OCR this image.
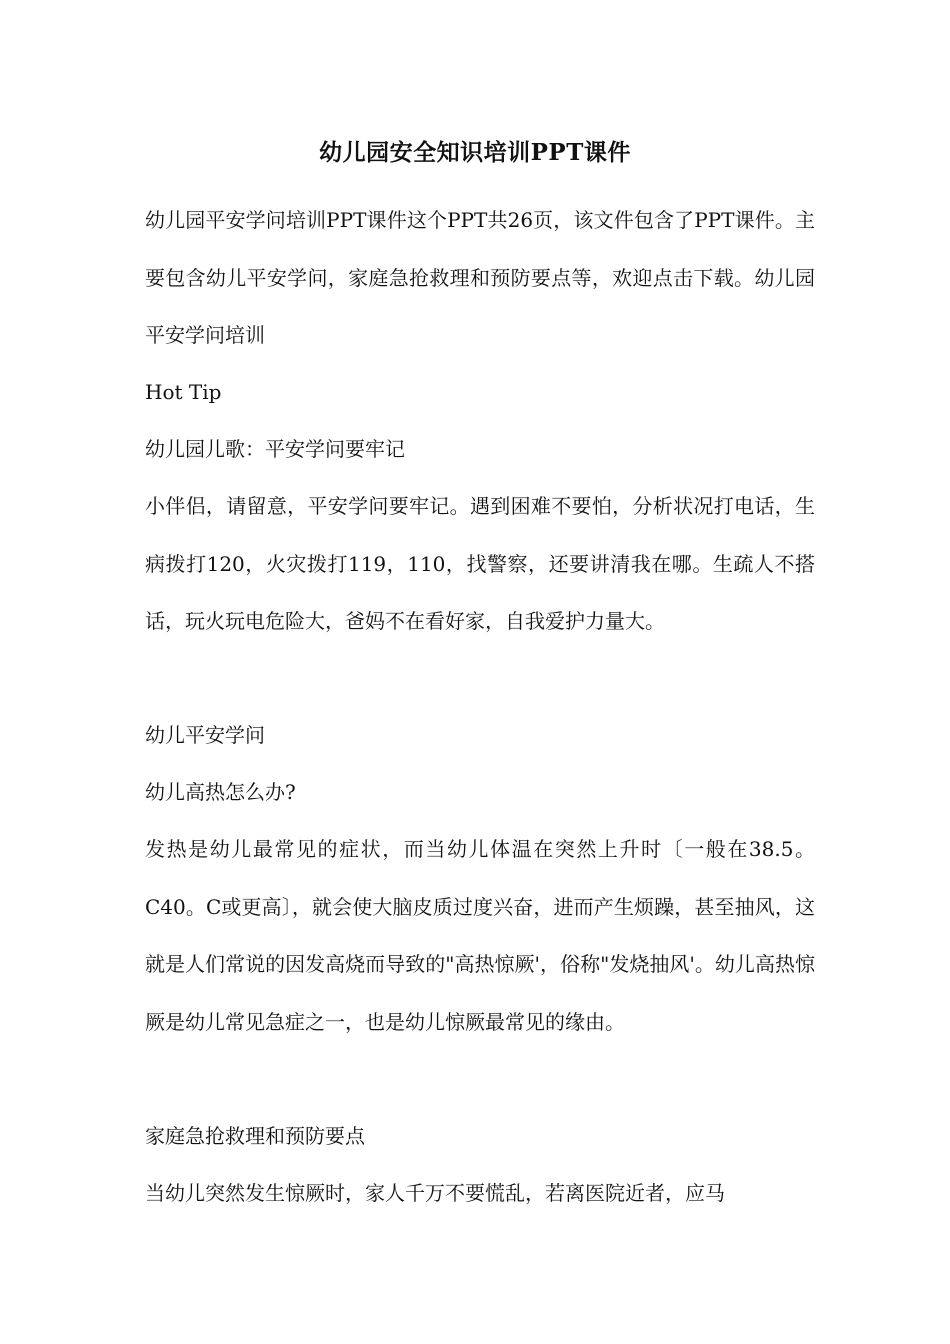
幼儿园安全知识培训PPT课件

幼儿园平安学问培训PPT课件这个PPT共26页，该文件包含了PPT课件。主要包含幼儿平安学问，家庭急抢救理和预防要点等，欢迎点击下载。幼儿园平安学问培训

Hot Tip

幼儿园儿歌：平安学问要牢记

小伴侣，请留意，平安学问要牢记。遇到困难不要怕，分析状况打电话，生病拨打120，火灾拨打119，110，找警察，还要讲清我在哪。生疏人不搭话，玩火玩电危险大，爸妈不在看好家，自我爱护力量大。

幼儿平安学问

幼儿高热怎么办?

发热是幼儿最常见的症状，而当幼儿体温在突然上升时〔一般在38.5。C40。C或更高〕，就会使大脑皮质过度兴奋，进而产生烦躁，甚至抽风，这就是人们常说的因发高烧而导致的"高热惊厥'，俗称"发烧抽风'。幼儿高热惊厥是幼儿常见急症之一，也是幼儿惊厥最常见的缘由。

家庭急抢救理和预防要点

当幼儿突然发生惊厥时，家人千万不要慌乱，若离医院近者，应马
